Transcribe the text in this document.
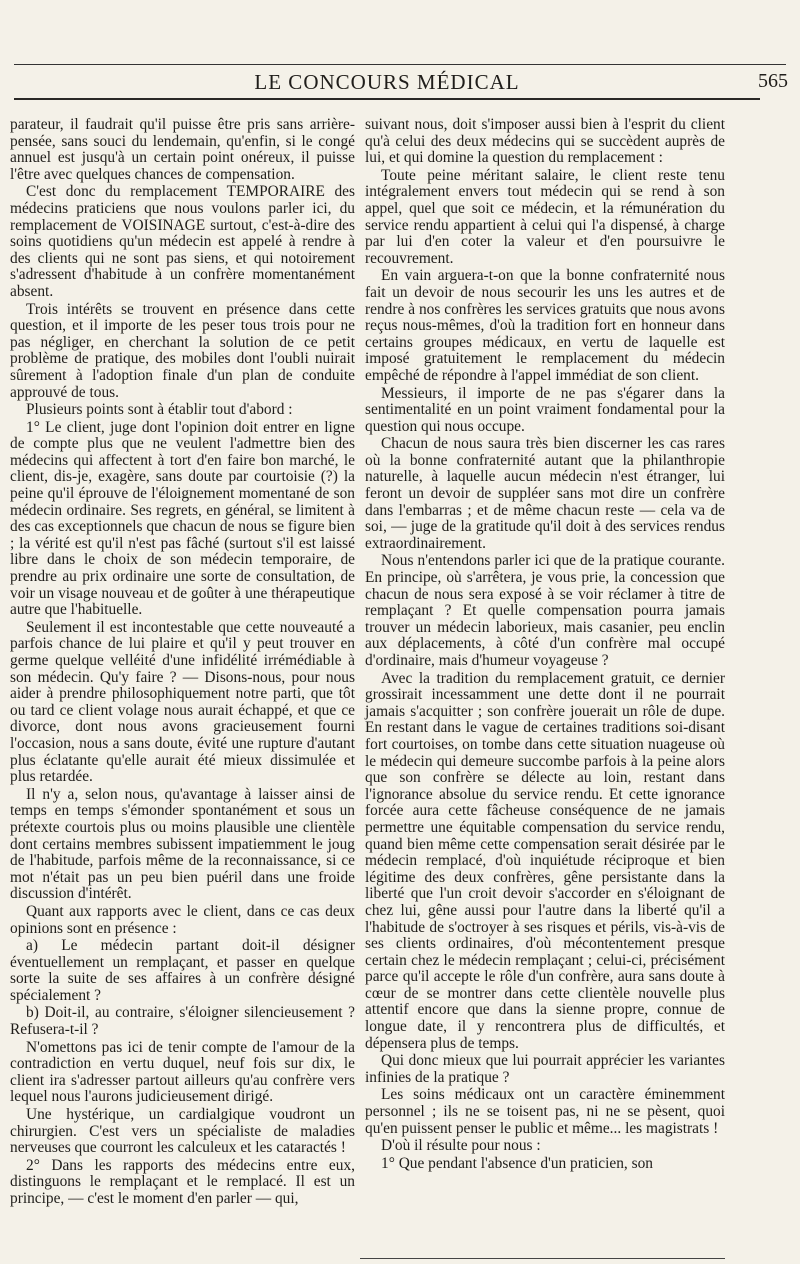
LE CONCOURS MÉDICAL	565

parateur, il faudrait qu'il puisse être pris sans arrière-pensée, sans souci du lendemain, qu'enfin, si le congé annuel est jusqu'à un certain point onéreux, il puisse l'être avec quelques chances de compensation.

C'est donc du remplacement TEMPORAIRE des médecins praticiens que nous voulons parler ici, du remplacement de VOISINAGE surtout, c'est-à-dire des soins quotidiens qu'un médecin est appelé à rendre à des clients qui ne sont pas siens, et qui notoirement s'adressent d'habitude à un confrère momentanément absent.

Trois intérêts se trouvent en présence dans cette question, et il importe de les peser tous trois pour ne pas négliger, en cherchant la solution de ce petit problème de pratique, des mobiles dont l'oubli nuirait sûrement à l'adoption finale d'un plan de conduite approuvé de tous.

Plusieurs points sont à établir tout d'abord :

1° Le client, juge dont l'opinion doit entrer en ligne de compte plus que ne veulent l'admettre bien des médecins qui affectent à tort d'en faire bon marché, le client, dis-je, exagère, sans doute par courtoisie (?) la peine qu'il éprouve de l'éloignement momentané de son médecin ordinaire. Ses regrets, en général, se limitent à des cas exceptionnels que chacun de nous se figure bien ; la vérité est qu'il n'est pas fâché (surtout s'il est laissé libre dans le choix de son médecin temporaire, de prendre au prix ordinaire une sorte de consultation, de voir un visage nouveau et de goûter à une thérapeutique autre que l'habituelle.

Seulement il est incontestable que cette nouveauté a parfois chance de lui plaire et qu'il y peut trouver en germe quelque velléité d'une infidélité irrémédiable à son médecin. Qu'y faire ? — Disons-nous, pour nous aider à prendre philosophiquement notre parti, que tôt ou tard ce client volage nous aurait échappé, et que ce divorce, dont nous avons gracieusement fourni l'occasion, nous a sans doute, évité une rupture d'autant plus éclatante qu'elle aurait été mieux dissimulée et plus retardée.

Il n'y a, selon nous, qu'avantage à laisser ainsi de temps en temps s'émonder spontanément et sous un prétexte courtois plus ou moins plausible une clientèle dont certains membres subissent impatiemment le joug de l'habitude, parfois même de la reconnaissance, si ce mot n'était pas un peu bien puéril dans une froide discussion d'intérêt.

Quant aux rapports avec le client, dans ce cas deux opinions sont en présence :

a) Le médecin partant doit-il désigner éventuellement un remplaçant, et passer en quelque sorte la suite de ses affaires à un confrère désigné spécialement ?

b) Doit-il, au contraire, s'éloigner silencieusement ? Refusera-t-il ?

N'omettons pas ici de tenir compte de l'amour de la contradiction en vertu duquel, neuf fois sur dix, le client ira s'adresser partout ailleurs qu'au confrère vers lequel nous l'aurons judicieusement dirigé.

Une hystérique, un cardialgique voudront un chirurgien. C'est vers un spécialiste de maladies nerveuses que courront les calculeux et les cataractés !

2° Dans les rapports des médecins entre eux, distinguons le remplaçant et le remplacé. Il est un principe, — c'est le moment d'en parler — qui,

suivant nous, doit s'imposer aussi bien à l'esprit du client qu'à celui des deux médecins qui se succèdent auprès de lui, et qui domine la question du remplacement :

Toute peine méritant salaire, le client reste tenu intégralement envers tout médecin qui se rend à son appel, quel que soit ce médecin, et la rémunération du service rendu appartient à celui qui l'a dispensé, à charge par lui d'en coter la valeur et d'en poursuivre le recouvrement.

En vain arguera-t-on que la bonne confraternité nous fait un devoir de nous secourir les uns les autres et de rendre à nos confrères les services gratuits que nous avons reçus nous-mêmes, d'où la tradition fort en honneur dans certains groupes médicaux, en vertu de laquelle est imposé gratuitement le remplacement du médecin empêché de répondre à l'appel immédiat de son client.

Messieurs, il importe de ne pas s'égarer dans la sentimentalité en un point vraiment fondamental pour la question qui nous occupe.

Chacun de nous saura très bien discerner les cas rares où la bonne confraternité autant que la philanthropie naturelle, à laquelle aucun médecin n'est étranger, lui feront un devoir de suppléer sans mot dire un confrère dans l'embarras ; et de même chacun reste — cela va de soi, — juge de la gratitude qu'il doit à des services rendus extraordinairement.

Nous n'entendons parler ici que de la pratique courante. En principe, où s'arrêtera, je vous prie, la concession que chacun de nous sera exposé à se voir réclamer à titre de remplaçant ? Et quelle compensation pourra jamais trouver un médecin laborieux, mais casanier, peu enclin aux déplacements, à côté d'un confrère mal occupé d'ordinaire, mais d'humeur voyageuse ?

Avec la tradition du remplacement gratuit, ce dernier grossirait incessamment une dette dont il ne pourrait jamais s'acquitter ; son confrère jouerait un rôle de dupe. En restant dans le vague de certaines traditions soi-disant fort courtoises, on tombe dans cette situation nuageuse où le médecin qui demeure succombe parfois à la peine alors que son confrère se délecte au loin, restant dans l'ignorance absolue du service rendu. Et cette ignorance forcée aura cette fâcheuse conséquence de ne jamais permettre une équitable compensation du service rendu, quand bien même cette compensation serait désirée par le médecin remplacé, d'où inquiétude réciproque et bien légitime des deux confrères, gêne persistante dans la liberté que l'un croit devoir s'accorder en s'éloignant de chez lui, gêne aussi pour l'autre dans la liberté qu'il a l'habitude de s'octroyer à ses risques et périls, vis-à-vis de ses clients ordinaires, d'où mécontentement presque certain chez le médecin remplaçant ; celui-ci, précisément parce qu'il accepte le rôle d'un confrère, aura sans doute à cœur de se montrer dans cette clientèle nouvelle plus attentif encore que dans la sienne propre, connue de longue date, il y rencontrera plus de difficultés, et dépensera plus de temps.

Qui donc mieux que lui pourrait apprécier les variantes infinies de la pratique ?

Les soins médicaux ont un caractère éminemment personnel ; ils ne se toisent pas, ni ne se pèsent, quoi qu'en puissent penser le public et même... les magistrats !

D'où il résulte pour nous :

1° Que pendant l'absence d'un praticien, son
